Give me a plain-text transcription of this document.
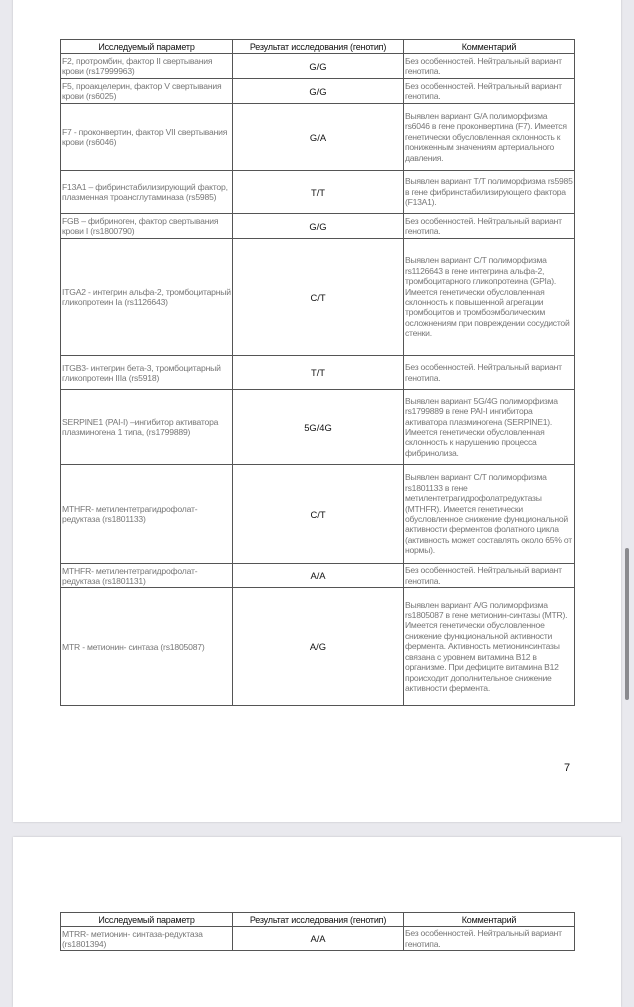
Исследуемый параметр	Результат исследования (генотип)	Комментарий
F2, протромбин, фактор II свертывания крови (rs17999963)	G/G	Без особенностей. Нейтральный вариант генотипа.
F5, проакцелерин, фактор V свертывания крови (rs6025)	G/G	Без особенностей. Нейтральный вариант генотипа.
F7 - проконвертин, фактор VII свертывания крови (rs6046)	G/A	Выявлен вариант G/A полиморфизма rs6046 в гене проконвертина (F7). Имеется генетически обусловленная склонность к пониженным значениям артериального давления.
F13A1 – фибринстабилизирующий фактор, плазменная троансглутаминаза (rs5985)	T/T	Выявлен вариант T/T полиморфизма rs5985 в гене фибринстабилизирующего фактора (F13A1).
FGB – фибриноген, фактор свертывания крови I (rs1800790)	G/G	Без особенностей. Нейтральный вариант генотипа.
ITGA2 - интегрин альфа-2, тромбоцитарный гликопротеин Ia (rs1126643)	C/T	Выявлен вариант C/T полиморфизма rs1126643 в гене интегрина альфа-2, тромбоцитарного гликопротеина (GPIa). Имеется генетически обусловленная склонность к повышенной агрегации тромбоцитов и тромбоэмболическим осложнениям при повреждении сосудистой стенки.
ITGB3- интегрин бета-3, тромбоцитарный гликопротеин IIIa (rs5918)	T/T	Без особенностей. Нейтральный вариант генотипа.
SERPINE1 (PAI-I) –ингибитор активатора плазминогена 1 типа, (rs1799889)	5G/4G	Выявлен вариант 5G/4G полиморфизма rs1799889 в гене PAI-I ингибитора активатора плазминогена (SERPINE1). Имеется генетически обусловленная склонность к нарушению процесса фибринолиза.
MTHFR- метилентетрагидрофолат-редуктаза (rs1801133)	C/T	Выявлен вариант C/T полиморфизма rs1801133 в гене метилентетрагидрофолатредуктазы (MTHFR). Имеется генетически обусловленное снижение функциональной активности ферментов фолатного цикла (активность может составлять около 65% от нормы).
MTHFR- метилентетрагидрофолат-редуктаза (rs1801131)	A/A	Без особенностей. Нейтральный вариант генотипа.
MTR - метионин- синтаза (rs1805087)	A/G	Выявлен вариант A/G полиморфизма rs1805087 в гене метионин-синтазы (MTR). Имеется генетически обусловленное снижение функциональной активности фермента. Активность метионинсинтазы связана с уровнем витамина B12 в организме. При дефиците витамина B12 происходит дополнительное снижение активности фермента.
7
Исследуемый параметр	Результат исследования (генотип)	Комментарий
MTRR- метионин- синтаза-редуктаза (rs1801394)	A/A	Без особенностей. Нейтральный вариант генотипа.
